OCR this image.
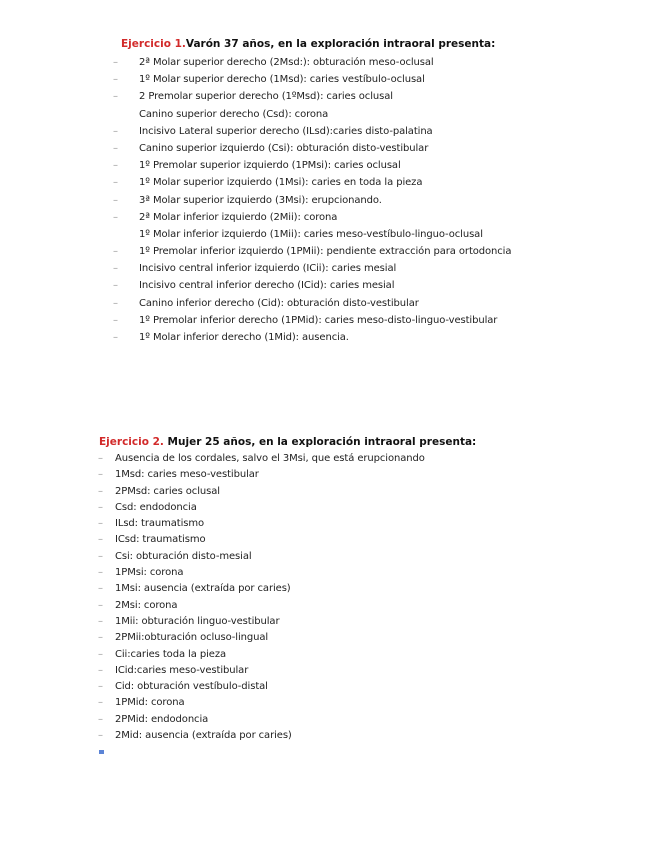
Ejercicio 1.Varón 37 años, en la exploración intraoral presenta:
– 2ª Molar superior derecho (2Msd:): obturación meso-oclusal
– 1º Molar superior derecho (1Msd): caries vestíbulo-oclusal
– 2 Premolar superior derecho (1ºMsd): caries oclusal
Canino superior derecho (Csd): corona
– Incisivo Lateral superior derecho (ILsd):caries disto-palatina
– Canino superior izquierdo (Csi): obturación disto-vestibular
– 1º Premolar superior izquierdo (1PMsi): caries oclusal
– 1º Molar superior izquierdo (1Msi): caries en toda la pieza
– 3ª Molar superior izquierdo (3Msi): erupcionando.
– 2ª Molar inferior izquierdo (2Mii): corona
1º Molar inferior izquierdo (1Mii): caries meso-vestíbulo-linguo-oclusal
– 1º Premolar inferior izquierdo (1PMii): pendiente extracción para ortodoncia
– Incisivo central inferior izquierdo (ICii): caries mesial
– Incisivo central inferior derecho (ICid): caries mesial
– Canino inferior derecho (Cid): obturación disto-vestibular
– 1º Premolar inferior derecho (1PMid): caries meso-disto-linguo-vestibular
– 1º Molar inferior derecho (1Mid): ausencia.
Ejercicio 2. Mujer 25 años, en la exploración intraoral presenta:
– Ausencia de los cordales, salvo el 3Msi, que está erupcionando
– 1Msd: caries meso-vestibular
– 2PMsd: caries oclusal
– Csd: endodoncia
– ILsd: traumatismo
– ICsd: traumatismo
– Csi: obturación disto-mesial
– 1PMsi: corona
– 1Msi: ausencia (extraída por caries)
– 2Msi: corona
– 1Mii: obturación linguo-vestibular
– 2PMii:obturación ocluso-lingual
– Cii:caries toda la pieza
– ICid:caries meso-vestibular
– Cid: obturación vestíbulo-distal
– 1PMid: corona
– 2PMid: endodoncia
– 2Mid: ausencia (extraída por caries)
